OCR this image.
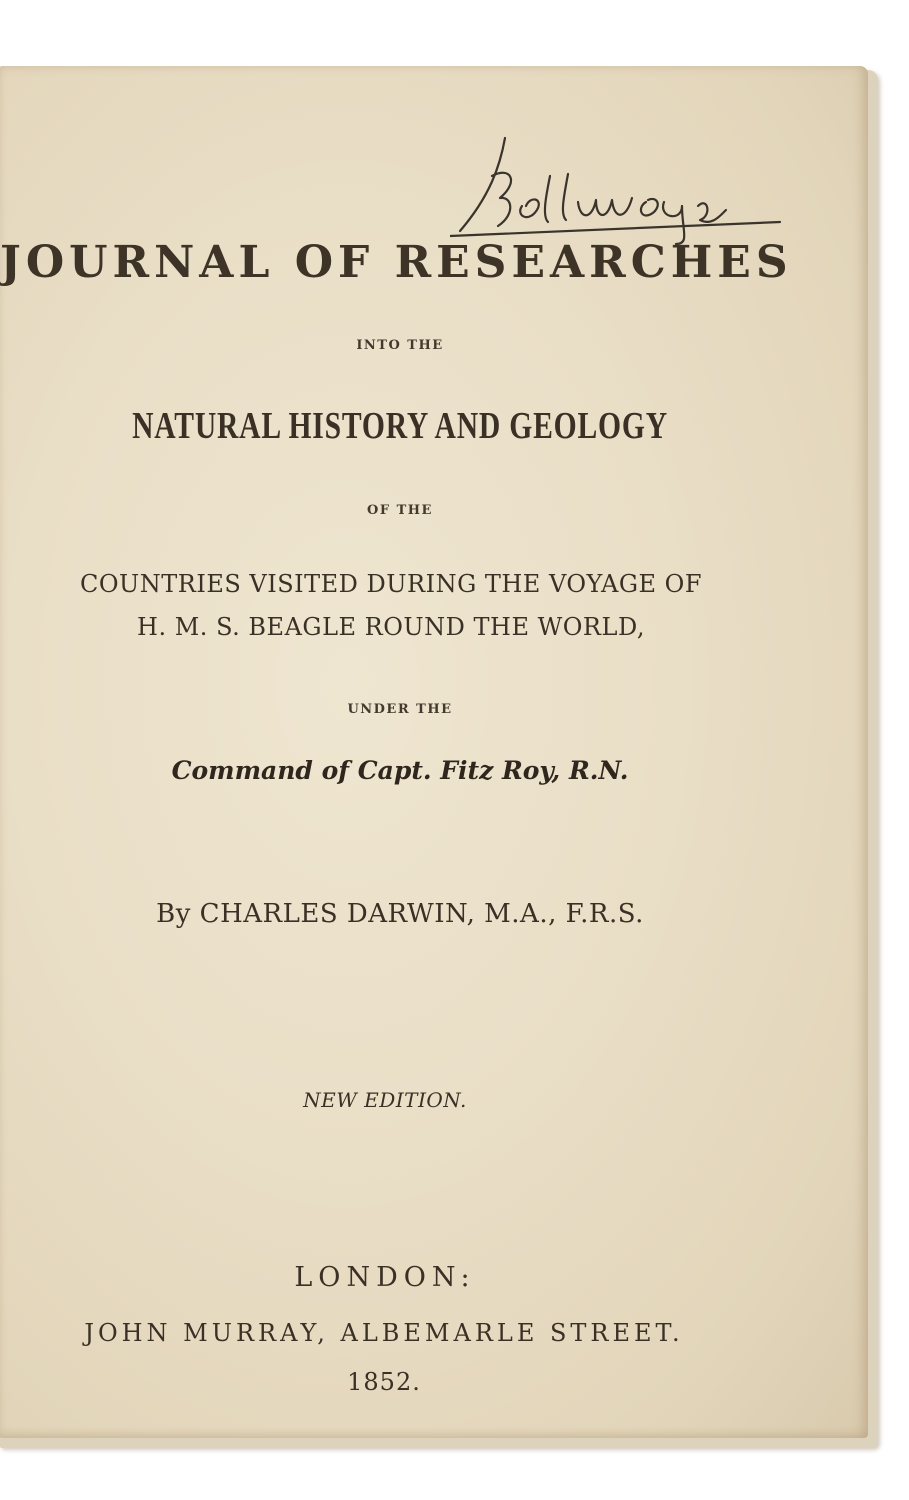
JOURNAL OF RESEARCHES
INTO THE
NATURAL HISTORY AND GEOLOGY
OF THE
COUNTRIES VISITED DURING THE VOYAGE OF
H. M. S. BEAGLE ROUND THE WORLD,
UNDER THE
Command of Capt. Fitz Roy, R.N.
By CHARLES DARWIN, M.A., F.R.S.
NEW EDITION.
LONDON:
JOHN MURRAY, ALBEMARLE STREET.
1852.
